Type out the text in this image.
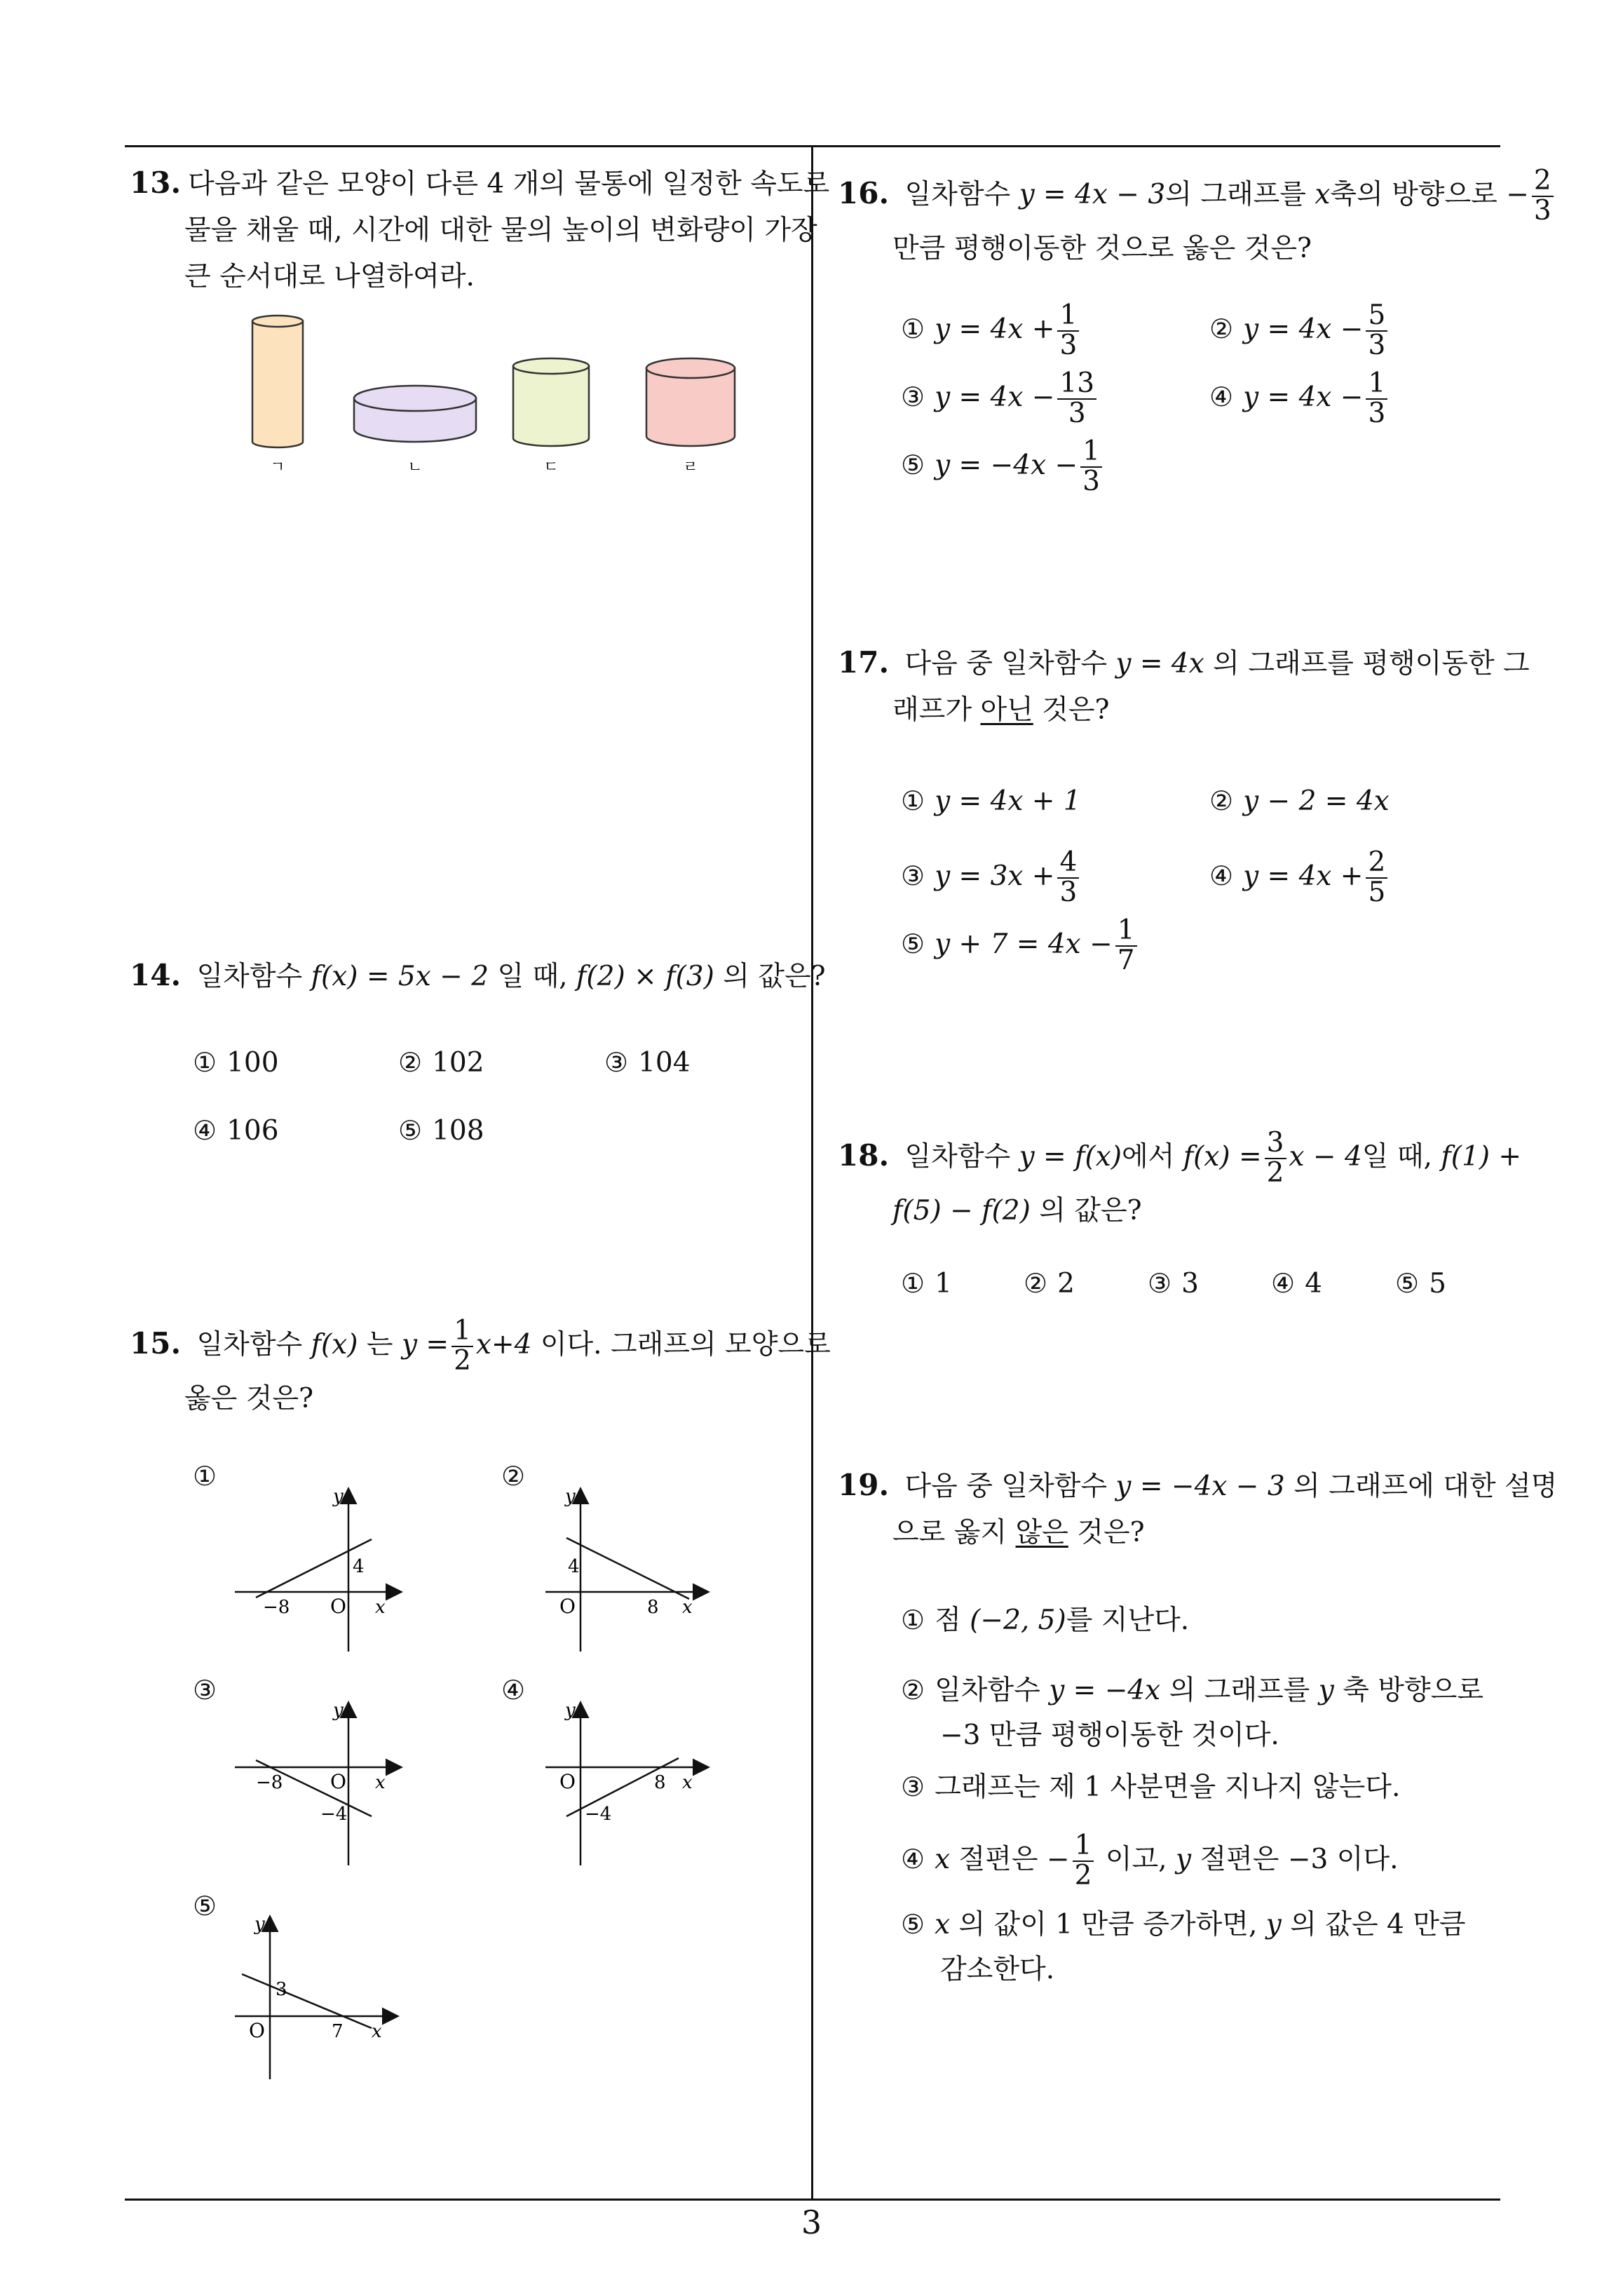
3
13. 다음과 같은 모양이 다른 4 개의 물통에 일정한 속도로
물을 채울 때, 시간에 대한 물의 높이의 변화량이 가장
큰 순서대로 나열하여라.
ㄱ	ㄴ	ㄷ	ㄹ
14. 일차함수 f(x) = 5x − 2 일 때, f(2) × f(3) 의 값은?
① 100	② 102	③ 104
④ 106	⑤ 108
15. 일차함수 f(x) 는 $y = \frac{1}{2} x+4$ 이다. 그래프의 모양으로
옳은 것은?
①	②
③	④
⑤
y
x
O
−8
4
y
x
O	8
4
y
x
O
−8
−4
y
x
O	8
−4
y
x
O	7
3
16. 일차함수 y = 4x − 3의 그래프를 x축의 방향으로 − $\frac{2}{3}$
만큼 평행이동한 것으로 옳은 것은?
① $y = 4x + \frac{1}{3}$	② $y = 4x - \frac{5}{3}$
③ $y = 4x - \frac{13}{3}$	④ $y = 4x - \frac{1}{3}$
⑤ $y = -4x - \frac{1}{3}$
17. 다음 중 일차함수 y = 4x 의 그래프를 평행이동한 그
래프가 아닌 것은?
① y = 4x + 1	② y − 2 = 4x
③ $y = 3x + \frac{4}{3}$	④ $y = 4x + \frac{2}{5}$
⑤ $y + 7 = 4x - \frac{1}{7}$
18. 일차함수 y = f(x)에서 $f(x) = \frac{3}{2}$ x − 4일 때, f(1) +
f(5) − f(2) 의 값은?
① 1	② 2	③ 3	④ 4	⑤ 5
19. 다음 중 일차함수 y = −4x − 3 의 그래프에 대한 설명
으로 옳지 않은 것은?
① 점 (−2, 5)를 지난다.
② 일차함수 y = −4x 의 그래프를 y 축 방향으로
−3 만큼 평행이동한 것이다.
③ 그래프는 제 1 사분면을 지나지 않는다.
④ x 절편은 − $\frac{1}{2}$ 이고, y 절편은 −3 이다.
⑤ x 의 값이 1 만큼 증가하면, y 의 값은 4 만큼
감소한다.
